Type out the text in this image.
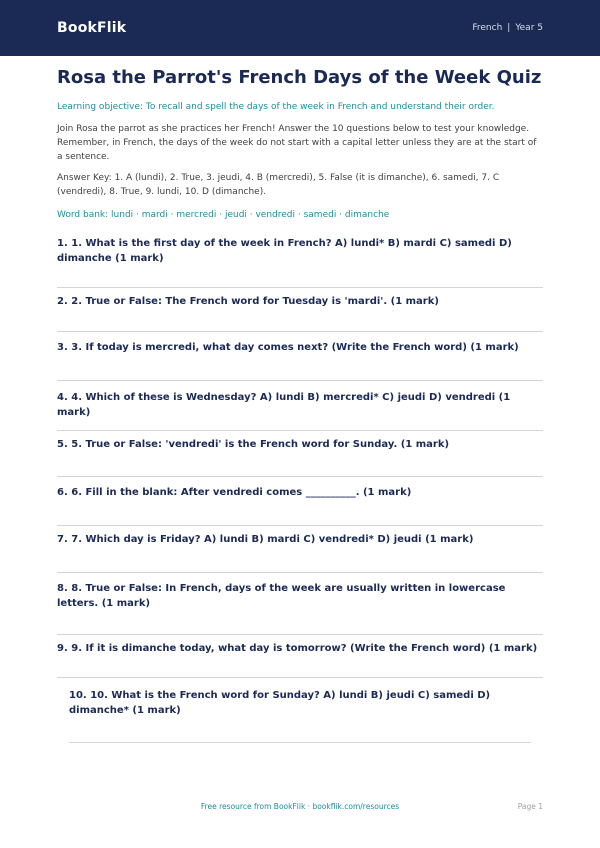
BookFlik	French | Year 5
Rosa the Parrot's French Days of the Week Quiz
Learning objective: To recall and spell the days of the week in French and understand their order.
Join Rosa the parrot as she practices her French! Answer the 10 questions below to test your knowledge. Remember, in French, the days of the week do not start with a capital letter unless they are at the start of a sentence.
Answer Key: 1. A (lundi), 2. True, 3. jeudi, 4. B (mercredi), 5. False (it is dimanche), 6. samedi, 7. C (vendredi), 8. True, 9. lundi, 10. D (dimanche).
Word bank: lundi · mardi · mercredi · jeudi · vendredi · samedi · dimanche
1. 1. What is the first day of the week in French? A) lundi* B) mardi C) samedi D) dimanche (1 mark)
2. 2. True or False: The French word for Tuesday is 'mardi'. (1 mark)
3. 3. If today is mercredi, what day comes next? (Write the French word) (1 mark)
4. 4. Which of these is Wednesday? A) lundi B) mercredi* C) jeudi D) vendredi (1 mark)
5. 5. True or False: 'vendredi' is the French word for Sunday. (1 mark)
6. 6. Fill in the blank: After vendredi comes __________. (1 mark)
7. 7. Which day is Friday? A) lundi B) mardi C) vendredi* D) jeudi (1 mark)
8. 8. True or False: In French, days of the week are usually written in lowercase letters. (1 mark)
9. 9. If it is dimanche today, what day is tomorrow? (Write the French word) (1 mark)
10. 10. What is the French word for Sunday? A) lundi B) jeudi C) samedi D) dimanche* (1 mark)
Free resource from BookFlik · bookflik.com/resources	Page 1
